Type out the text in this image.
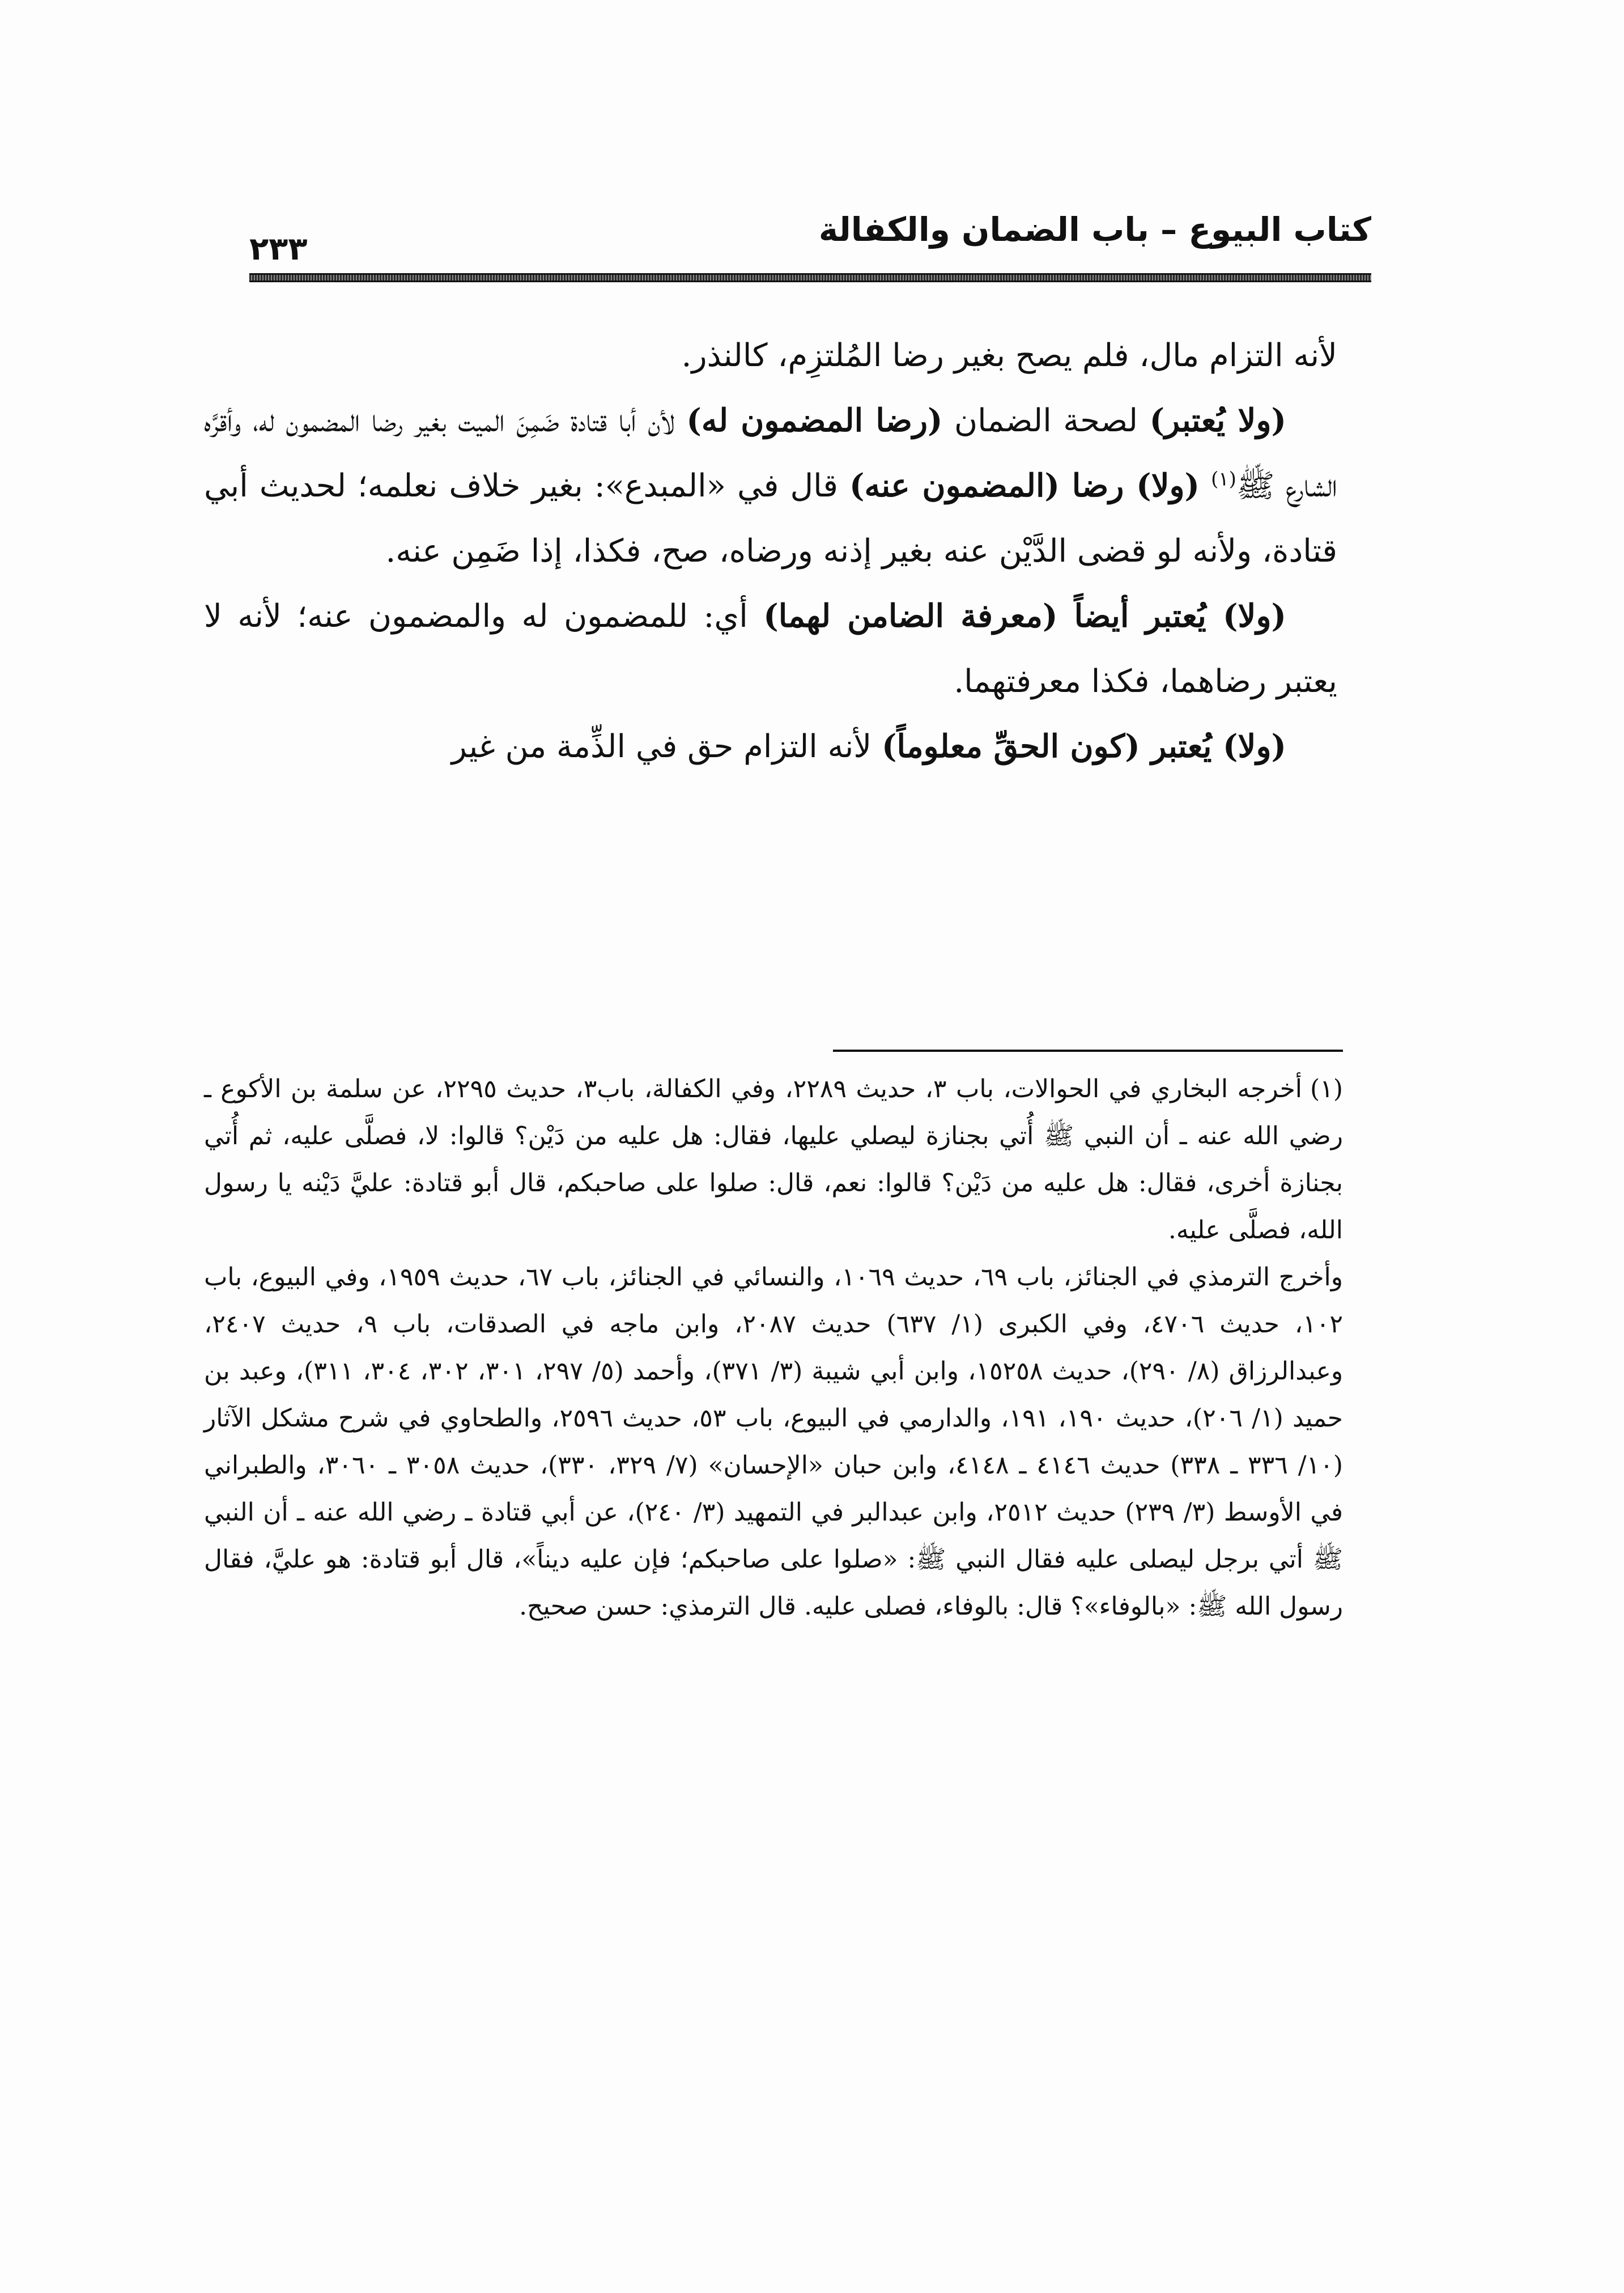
كتاب البيوع – باب الضمان والكفالة
٢٣٣

لأنه التزام مال، فلم يصح بغير رضا المُلتزِم، كالنذر.

(ولا يُعتبر) لصحة الضمان (رضا المضمون له) لأن أبا قتادة ضَمِنَ الميت بغير رضا المضمون له، وأقرَّه الشارع ﷺ$^{(١)}$ (ولا) رضا (المضمون عنه) قال في «المبدع»: بغير خلاف نعلمه؛ لحديث أبي قتادة، ولأنه لو قضى الدَّيْن عنه بغير إذنه ورضاه، صح، فكذا، إذا ضَمِن عنه.

(ولا) يُعتبر أيضاً (معرفة الضامن لهما) أي: للمضمون له والمضمون عنه؛ لأنه لا يعتبر رضاهما، فكذا معرفتهما.

(ولا) يُعتبر (كون الحقِّ معلوماً) لأنه التزام حق في الذِّمة من غير

(١)أخرجه البخاري في الحوالات، باب ٣، حديث ٢٢٨٩، وفي الكفالة، باب٣، حديث ٢٢٩٥، عن سلمة بن الأكوع ـ رضي الله عنه ـ أن النبي ﷺ أُتي بجنازة ليصلي عليها، فقال: هل عليه من دَيْن؟ قالوا: لا، فصلَّى عليه، ثم أُتي بجنازة أخرى، فقال: هل عليه من دَيْن؟ قالوا: نعم، قال: صلوا على صاحبكم، قال أبو قتادة: عليَّ دَيْنه يا رسول الله، فصلَّى عليه.

وأخرج الترمذي في الجنائز، باب ٦٩، حديث ١٠٦٩، والنسائي في الجنائز، باب ٦٧، حديث ١٩٥٩، وفي البيوع، باب ١٠٢، حديث ٤٧٠٦، وفي الكبرى (١/ ٦٣٧) حديث ٢٠٨٧، وابن ماجه في الصدقات، باب ٩، حديث ٢٤٠٧، وعبدالرزاق (٨/ ٢٩٠)، حديث ١٥٢٥٨، وابن أبي شيبة (٣/ ٣٧١)، وأحمد (٥/ ٢٩٧، ٣٠١، ٣٠٢، ٣٠٤، ٣١١)، وعبد بن حميد (١/ ٢٠٦)، حديث ١٩٠، ١٩١، والدارمي في البيوع، باب ٥٣، حديث ٢٥٩٦، والطحاوي في شرح مشكل الآثار (١٠/ ٣٣٦ ـ ٣٣٨) حديث ٤١٤٦ ـ ٤١٤٨، وابن حبان «الإحسان» (٧/ ٣٢٩، ٣٣٠)، حديث ٣٠٥٨ ـ ٣٠٦٠، والطبراني في الأوسط (٣/ ٢٣٩) حديث ٢٥١٢، وابن عبدالبر في التمهيد (٣/ ٢٤٠)، عن أبي قتادة ـ رضي الله عنه ـ أن النبي ﷺ أتي برجل ليصلى عليه فقال النبي ﷺ: «صلوا على صاحبكم؛ فإن عليه ديناً»، قال أبو قتادة: هو عليَّ، فقال رسول الله ﷺ: «بالوفاء»؟ قال: بالوفاء، فصلى عليه. قال الترمذي: حسن صحيح.
